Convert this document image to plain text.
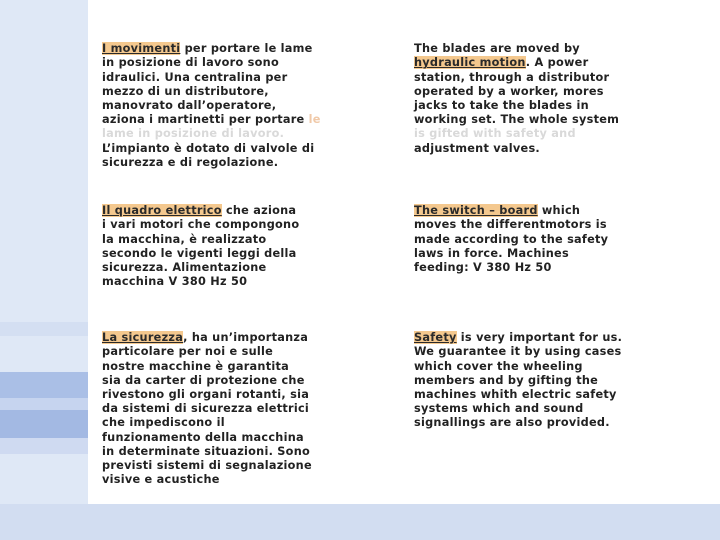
I movimenti per portare le lame
in posizione di lavoro sono
idraulici. Una centralina per
mezzo di un distributore,
manovrato dall’operatore,
aziona i martinetti per portare le
lame in posizione di lavoro.
L’impianto è dotato di valvole di
sicurezza e di regolazione.

The blades are moved by
hydraulic motion. A power
station, through a distributor
operated by a worker, mores
jacks to take the blades in
working set. The whole system
is gifted with safety and
adjustment valves.

Il quadro elettrico che aziona
i vari motori che compongono
la macchina, è realizzato
secondo le vigenti leggi della
sicurezza. Alimentazione
macchina V 380 Hz 50

The switch – board which
moves the differentmotors is
made according to the safety
laws in force. Machines
feeding: V 380 Hz 50

La sicurezza, ha un’importanza
particolare per noi e sulle
nostre macchine è garantita
sia da carter di protezione che
rivestono gli organi rotanti, sia
da sistemi di sicurezza elettrici
che impediscono il
funzionamento della macchina
in determinate situazioni. Sono
previsti sistemi di segnalazione
visive e acustiche

Safety is very important for us.
We guarantee it by using cases
which cover the wheeling
members and by gifting the
machines whith electric safety
systems which and sound
signallings are also provided.
